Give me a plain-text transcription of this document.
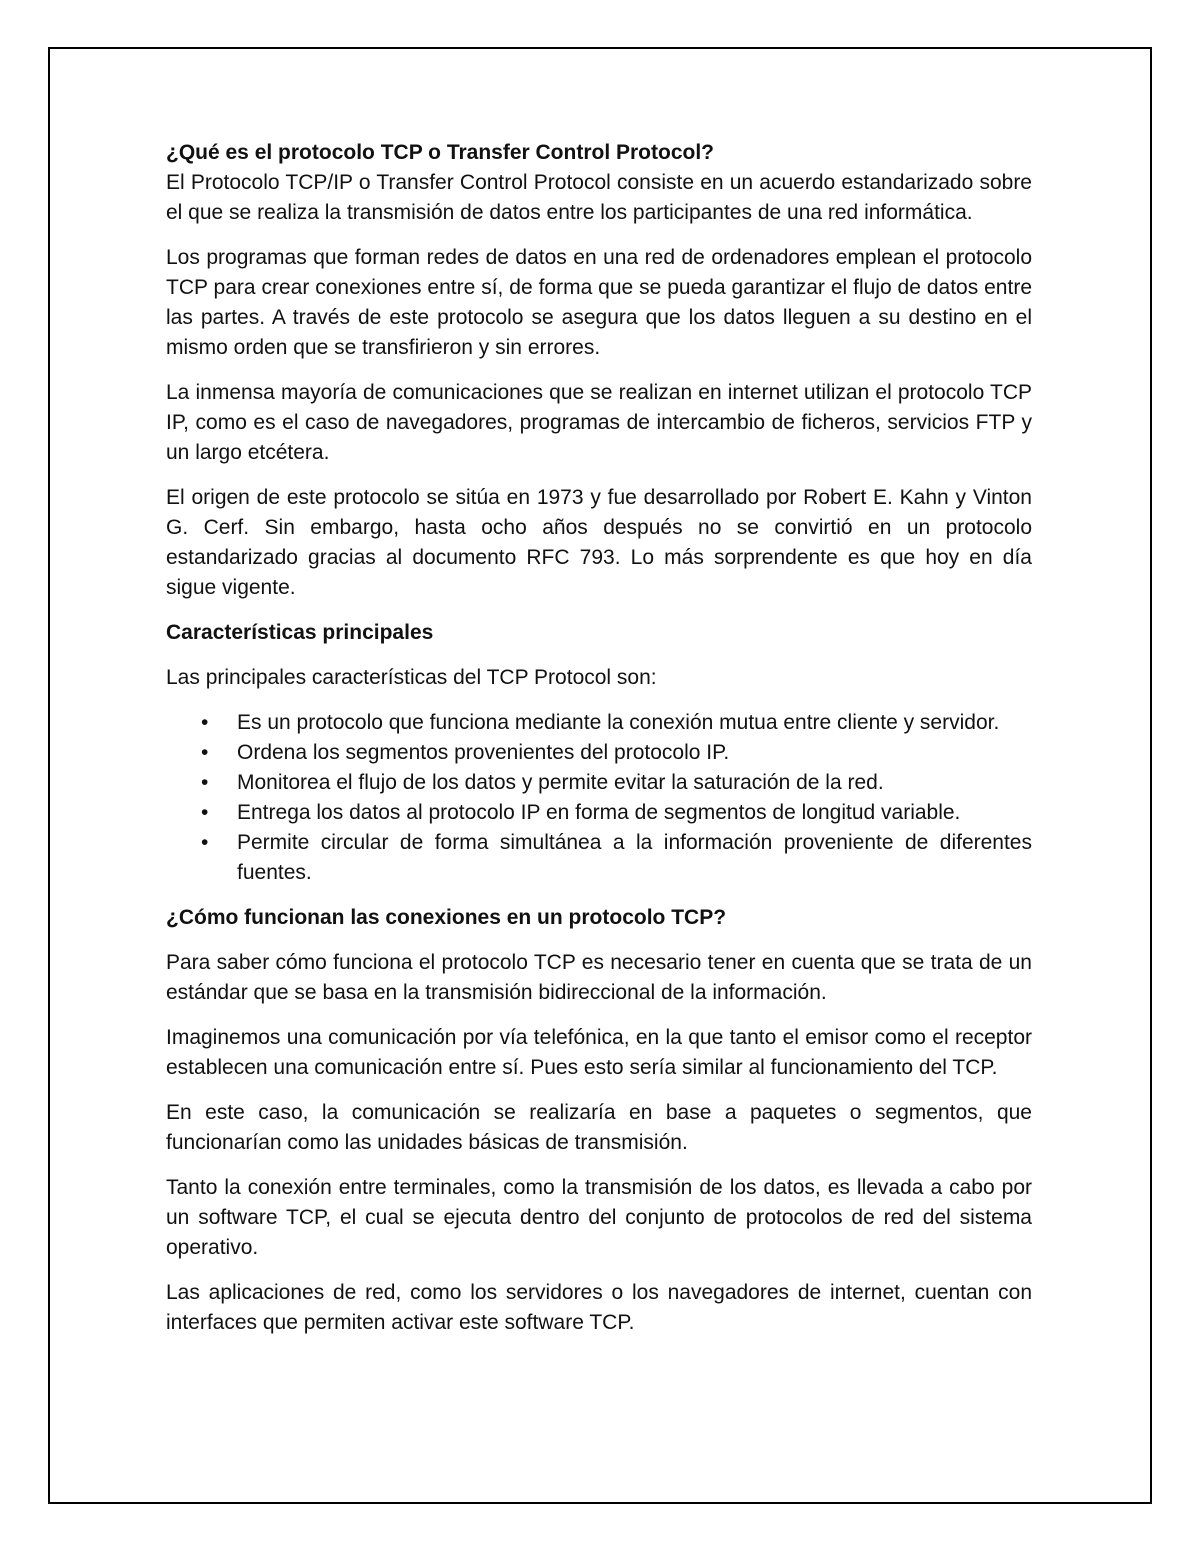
¿Qué es el protocolo TCP o Transfer Control Protocol?

El Protocolo TCP/IP o Transfer Control Protocol consiste en un acuerdo estandarizado sobre el que se realiza la transmisión de datos entre los participantes de una red informática.

Los programas que forman redes de datos en una red de ordenadores emplean el protocolo TCP para crear conexiones entre sí, de forma que se pueda garantizar el flujo de datos entre las partes. A través de este protocolo se asegura que los datos lleguen a su destino en el mismo orden que se transfirieron y sin errores.

La inmensa mayoría de comunicaciones que se realizan en internet utilizan el protocolo TCP IP, como es el caso de navegadores, programas de intercambio de ficheros, servicios FTP y un largo etcétera.

El origen de este protocolo se sitúa en 1973 y fue desarrollado por Robert E. Kahn y Vinton G. Cerf. Sin embargo, hasta ocho años después no se convirtió en un protocolo estandarizado gracias al documento RFC 793. Lo más sorprendente es que hoy en día sigue vigente.

Características principales

Las principales características del TCP Protocol son:

• Es un protocolo que funciona mediante la conexión mutua entre cliente y servidor.
• Ordena los segmentos provenientes del protocolo IP.
• Monitorea el flujo de los datos y permite evitar la saturación de la red.
• Entrega los datos al protocolo IP en forma de segmentos de longitud variable.
• Permite circular de forma simultánea a la información proveniente de diferentes fuentes.
¿Cómo funcionan las conexiones en un protocolo TCP?

Para saber cómo funciona el protocolo TCP es necesario tener en cuenta que se trata de un estándar que se basa en la transmisión bidireccional de la información.

Imaginemos una comunicación por vía telefónica, en la que tanto el emisor como el receptor establecen una comunicación entre sí. Pues esto sería similar al funcionamiento del TCP.

En este caso, la comunicación se realizaría en base a paquetes o segmentos, que funcionarían como las unidades básicas de transmisión.

Tanto la conexión entre terminales, como la transmisión de los datos, es llevada a cabo por un software TCP, el cual se ejecuta dentro del conjunto de protocolos de red del sistema operativo.

Las aplicaciones de red, como los servidores o los navegadores de internet, cuentan con interfaces que permiten activar este software TCP.
